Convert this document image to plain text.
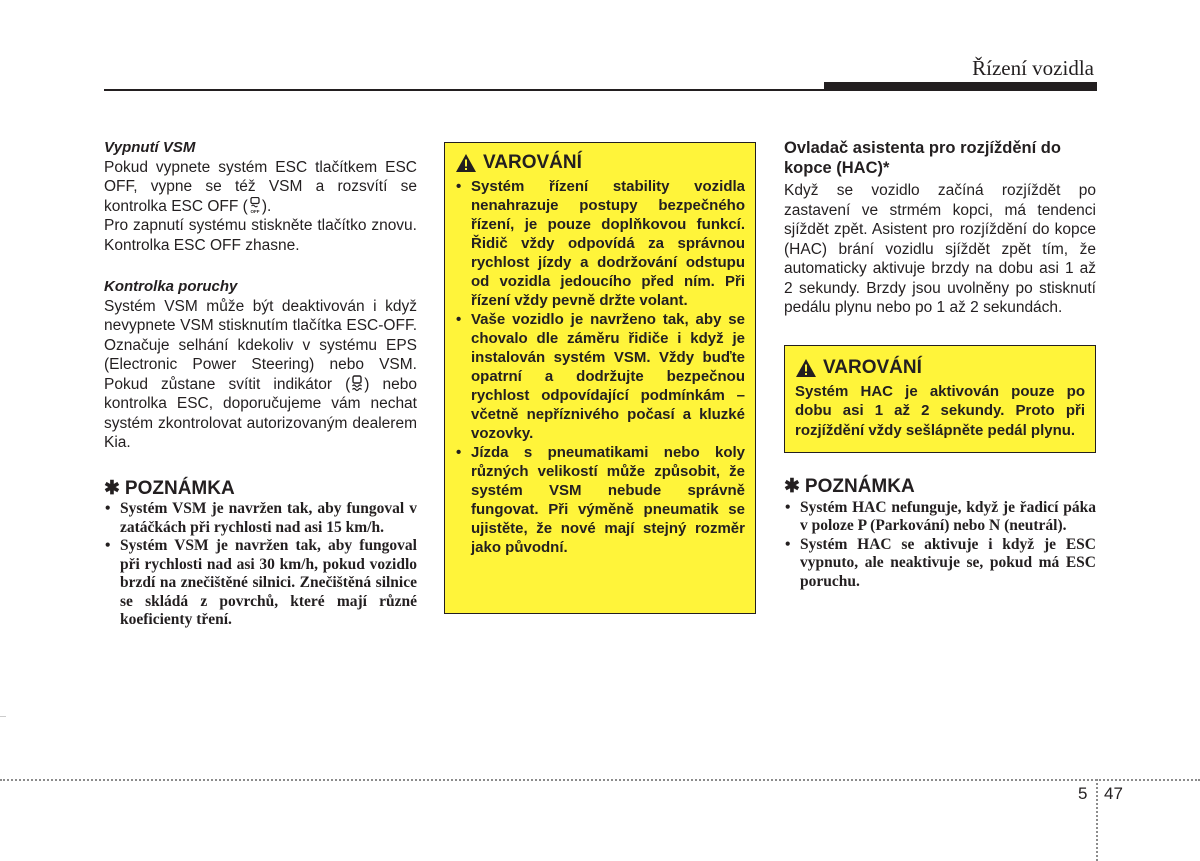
Řízení vozidla
Vypnutí VSM

Pokud vypnete systém ESC tlačítkem ESC OFF, vypne se též VSM a rozsvítí se kontrolka ESC OFF ( OFF ).

Pro zapnutí systému stiskněte tlačítko znovu. Kontrolka ESC OFF zhasne.

Kontrolka poruchy

Systém VSM může být deaktivován i když nevypnete VSM stisknutím tlačítka ESC-OFF. Označuje selhání kdekoliv v systému EPS (Electronic Power Steering) nebo VSM. Pokud zůstane svítit indikátor ( ) nebo kontrolka ESC, doporučujeme vám nechat systém zkontrolovat autorizovaným dealerem Kia.

✱ POZNÁMKA
• Systém VSM je navržen tak, aby fungoval v zatáčkách při rychlosti nad asi 15 km/h.
• Systém VSM je navržen tak, aby fungoval při rychlosti nad asi 30 km/h, pokud vozidlo brzdí na znečištěné silnici. Znečištěná silnice se skládá z povrchů, které mají různé koeficienty tření.
VAROVÁNÍ
• Systém řízení stability vozidla nenahrazuje postupy bezpečného řízení, je pouze doplňkovou funkcí. Řidič vždy odpovídá za správnou rychlost jízdy a dodržování odstupu od vozidla jedoucího před ním. Při řízení vždy pevně držte volant.
• Vaše vozidlo je navrženo tak, aby se chovalo dle záměru řidiče i když je instalován systém VSM. Vždy buďte opatrní a dodržujte bezpečnou rychlost odpovídající podmínkám – včetně nepříznivého počasí a kluzké vozovky.
• Jízda s pneumatikami nebo koly různých velikostí může způsobit, že systém VSM nebude správně fungovat. Při výměně pneumatik se ujistěte, že nové mají stejný rozměr jako původní.
Ovladač asistenta pro rozjíždění do kopce (HAC)*

Když se vozidlo začíná rozjíždět po zastavení ve strmém kopci, má tendenci sjíždět zpět. Asistent pro rozjíždění do kopce (HAC) brání vozidlu sjíždět zpět tím, že automaticky aktivuje brzdy na dobu asi 1 až 2 sekundy. Brzdy jsou uvolněny po stisknutí pedálu plynu nebo po 1 až 2 sekundách.

VAROVÁNÍ

Systém HAC je aktivován pouze po dobu asi 1 až 2 sekundy. Proto při rozjíždění vždy sešlápněte pedál plynu.

✱ POZNÁMKA
• Systém HAC nefunguje, když je řadicí páka v poloze P (Parkování) nebo N (neutrál).
• Systém HAC se aktivuje i když je ESC vypnuto, ale neaktivuje se, pokud má ESC poruchu.
5 47
